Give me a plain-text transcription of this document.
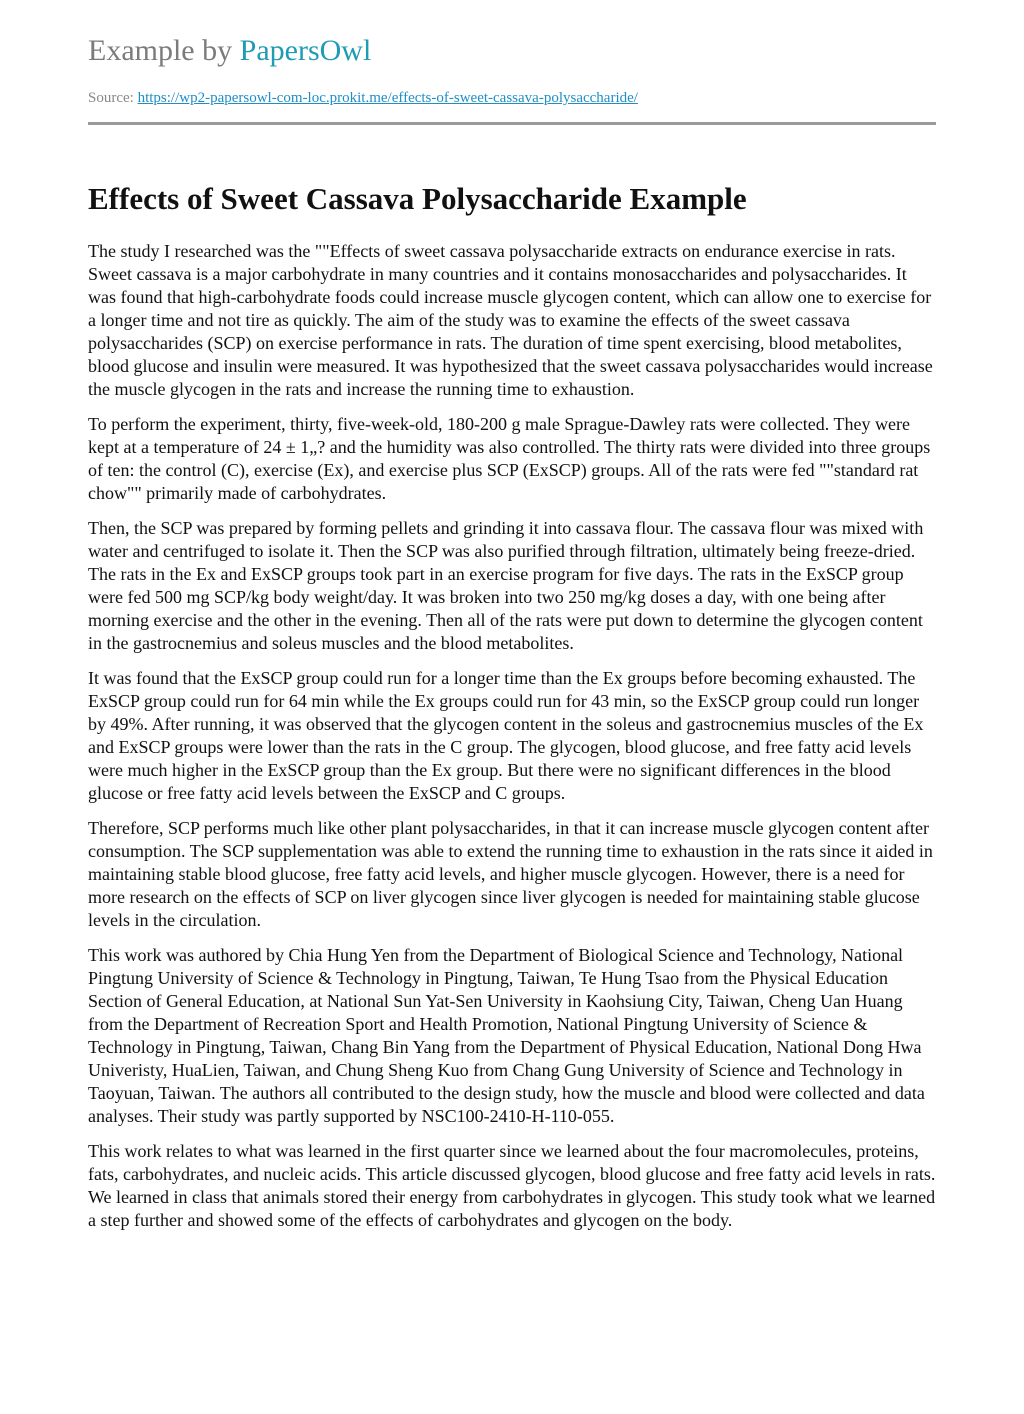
Example by PapersOwl
Source: https://wp2-papersowl-com-loc.prokit.me/effects-of-sweet-cassava-polysaccharide/
Effects of Sweet Cassava Polysaccharide Example

The study I researched was the ""Effects of sweet cassava polysaccharide extracts on endurance exercise in rats. Sweet cassava is a major carbohydrate in many countries and it contains monosaccharides and polysaccharides. It was found that high-carbohydrate foods could increase muscle glycogen content, which can allow one to exercise for a longer time and not tire as quickly. The aim of the study was to examine the effects of the sweet cassava polysaccharides (SCP) on exercise performance in rats. The duration of time spent exercising, blood metabolites, blood glucose and insulin were measured. It was hypothesized that the sweet cassava polysaccharides would increase the muscle glycogen in the rats and increase the running time to exhaustion.

To perform the experiment, thirty, five-week-old, 180-200 g male Sprague-Dawley rats were collected. They were kept at a temperature of 24 ± 1„? and the humidity was also controlled. The thirty rats were divided into three groups of ten: the control (C), exercise (Ex), and exercise plus SCP (ExSCP) groups. All of the rats were fed ""standard rat chow"" primarily made of carbohydrates.

Then, the SCP was prepared by forming pellets and grinding it into cassava flour. The cassava flour was mixed with water and centrifuged to isolate it. Then the SCP was also purified through filtration, ultimately being freeze-dried. The rats in the Ex and ExSCP groups took part in an exercise program for five days. The rats in the ExSCP group were fed 500 mg SCP/kg body weight/day. It was broken into two 250 mg/kg doses a day, with one being after morning exercise and the other in the evening. Then all of the rats were put down to determine the glycogen content in the gastrocnemius and soleus muscles and the blood metabolites.

It was found that the ExSCP group could run for a longer time than the Ex groups before becoming exhausted. The ExSCP group could run for 64 min while the Ex groups could run for 43 min, so the ExSCP group could run longer by 49%. After running, it was observed that the glycogen content in the soleus and gastrocnemius muscles of the Ex and ExSCP groups were lower than the rats in the C group. The glycogen, blood glucose, and free fatty acid levels were much higher in the ExSCP group than the Ex group. But there were no significant differences in the blood glucose or free fatty acid levels between the ExSCP and C groups.

Therefore, SCP performs much like other plant polysaccharides, in that it can increase muscle glycogen content after consumption. The SCP supplementation was able to extend the running time to exhaustion in the rats since it aided in maintaining stable blood glucose, free fatty acid levels, and higher muscle glycogen. However, there is a need for more research on the effects of SCP on liver glycogen since liver glycogen is needed for maintaining stable glucose levels in the circulation.

This work was authored by Chia Hung Yen from the Department of Biological Science and Technology, National Pingtung University of Science & Technology in Pingtung, Taiwan, Te Hung Tsao from the Physical Education Section of General Education, at National Sun Yat-Sen University in Kaohsiung City, Taiwan, Cheng Uan Huang from the Department of Recreation Sport and Health Promotion, National Pingtung University of Science & Technology in Pingtung, Taiwan, Chang Bin Yang from the Department of Physical Education, National Dong Hwa Univeristy, HuaLien, Taiwan, and Chung Sheng Kuo from Chang Gung University of Science and Technology in Taoyuan, Taiwan. The authors all contributed to the design study, how the muscle and blood were collected and data analyses. Their study was partly supported by NSC100-2410-H-110-055.

This work relates to what was learned in the first quarter since we learned about the four macromolecules, proteins, fats, carbohydrates, and nucleic acids. This article discussed glycogen, blood glucose and free fatty acid levels in rats. We learned in class that animals stored their energy from carbohydrates in glycogen. This study took what we learned a step further and showed some of the effects of carbohydrates and glycogen on the body.
